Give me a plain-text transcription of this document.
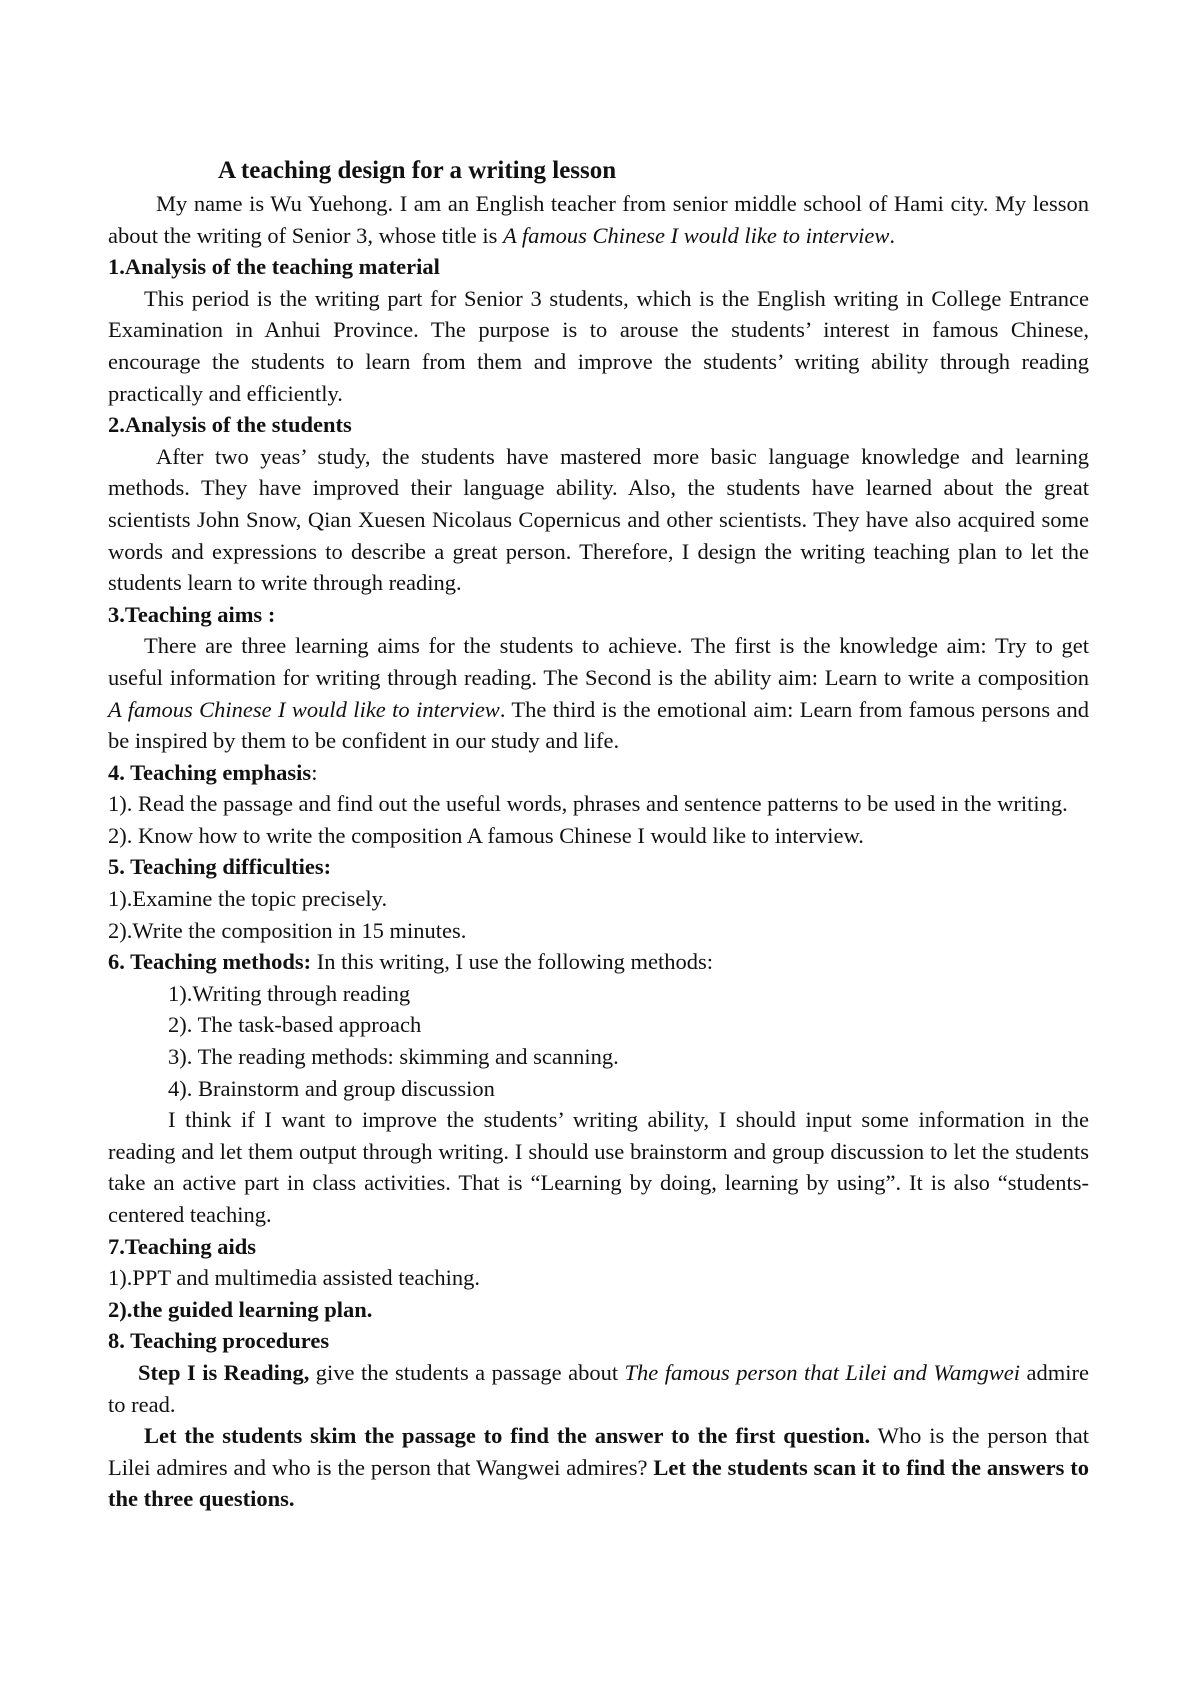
A teaching design for a writing lesson

My name is Wu Yuehong. I am an English teacher from senior middle school of Hami city. My lesson about the writing of Senior 3, whose title is A famous Chinese I would like to interview.

1.Analysis of the teaching material

This period is the writing part for Senior 3 students, which is the English writing in College Entrance Examination in Anhui Province. The purpose is to arouse the students’ interest in famous Chinese, encourage the students to learn from them and improve the students’ writing ability through reading practically and efficiently.

2.Analysis of the students

After two yeas’ study, the students have mastered more basic language knowledge and learning methods. They have improved their language ability. Also, the students have learned about the great scientists John Snow, Qian Xuesen Nicolaus Copernicus and other scientists. They have also acquired some words and expressions to describe a great person. Therefore, I design the writing teaching plan to let the students learn to write through reading.

3.Teaching aims :

There are three learning aims for the students to achieve. The first is the knowledge aim: Try to get useful information for writing through reading. The Second is the ability aim: Learn to write a composition A famous Chinese I would like to interview. The third is the emotional aim: Learn from famous persons and be inspired by them to be confident in our study and life.

4. Teaching emphasis:

1). Read the passage and find out the useful words, phrases and sentence patterns to be used in the writing.

2). Know how to write the composition A famous Chinese I would like to interview.

5. Teaching difficulties:

1).Examine the topic precisely.

2).Write the composition in 15 minutes.

6. Teaching methods: In this writing, I use the following methods:
1).Writing through reading
2). The task-based approach
3). The reading methods: skimming and scanning.
4). Brainstorm and group discussion

I think if I want to improve the students’ writing ability, I should input some information in the reading and let them output through writing. I should use brainstorm and group discussion to let the students take an active part in class activities. That is “Learning by doing, learning by using”. It is also “students-centered teaching.

7.Teaching aids

1).PPT and multimedia assisted teaching.

2).the guided learning plan.

8. Teaching procedures

Step I is Reading, give the students a passage about The famous person that Lilei and Wamgwei admire to read.

Let the students skim the passage to find the answer to the first question. Who is the person that Lilei admires and who is the person that Wangwei admires? Let the students scan it to find the answers to the three questions.
